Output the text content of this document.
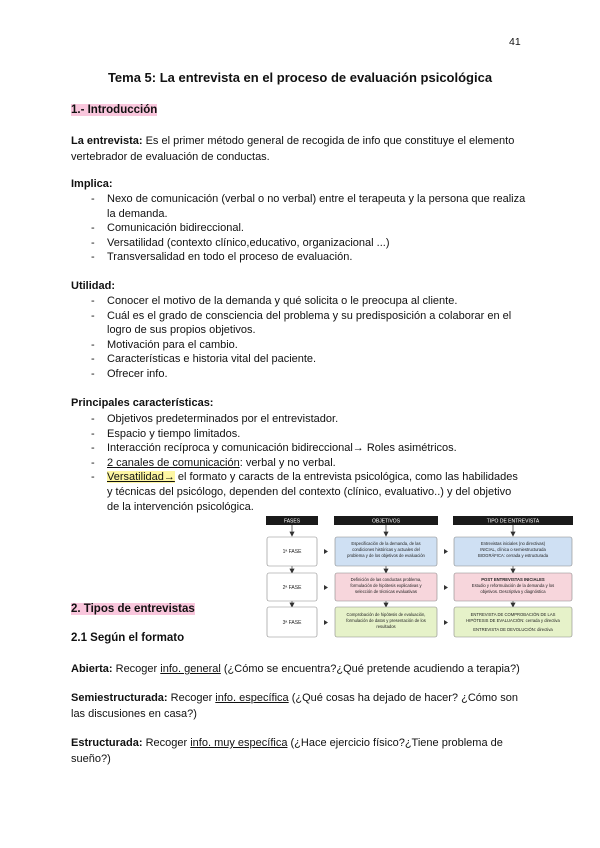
41
Tema 5: La entrevista en el proceso de evaluación psicológica
1.- Introducción
La entrevista: Es el primer método general de recogida de info que constituye el elemento
vertebrador de evaluación de conductas.
Implica:
- Nexo de comunicación (verbal o no verbal) entre el terapeuta y la persona que realiza la demanda.
- Comunicación bidireccional.
- Versatilidad (contexto clínico,educativo, organizacional ...)
- Transversalidad en todo el proceso de evaluación.
Utilidad:
- Conocer el motivo de la demanda y qué solicita o le preocupa al cliente.
- Cuál es el grado de consciencia del problema y su predisposición a colaborar en el logro de sus propios objetivos.
- Motivación para el cambio.
- Características e historia vital del paciente.
- Ofrecer info.
Principales características:
- Objetivos predeterminados por el entrevistador.
- Espacio y tiempo limitados.
- Interacción recíproca y comunicación bidireccional→ Roles asimétricos.
- 2 canales de comunicación: verbal y no verbal.
- Versatilidad→ el formato y caracts de la entrevista psicológica, como las habilidades y técnicas del psicólogo, dependen del contexto (clínico, evaluativo..) y del objetivo de la intervención psicológica.
FASES	OBJETIVOS	TIPO DE ENTREVISTA
1ª FASE
Especificación de la demanda, de las
condiciones históricas y actuales del
problema y de los objetivos de evaluación
Entrevistas iniciales (no directivas)
INICIAL, clínica o semiestructurada
BIOGRÁFICA: cerrada y estructurada
2ª FASE
Definición de las conductas problema,
formulación de hipótesis explicativas y
selección de técnicas evaluativas
POST ENTREVISTAS INICIALES
Estudio y reformulación de la demanda y los
objetivos. Descriptiva y diagnóstica
3ª FASE
Comprobación de hipótesis de evaluación,
formulación de datos y presentación de los
resultados
ENTREVISTA DE COMPROBACIÓN DE LAS
HIPÓTESIS DE EVALUACIÓN: cerrada y directiva
ENTREVISTA DE DEVOLUCIÓN: directiva
2. Tipos de entrevistas
2.1 Según el formato
Abierta: Recoger info. general (¿Cómo se encuentra?¿Qué pretende acudiendo a terapia?)
Semiestructurada: Recoger info. específica (¿Qué cosas ha dejado de hacer? ¿Cómo son las discusiones en casa?)
Estructurada: Recoger info. muy específica (¿Hace ejercicio físico?¿Tiene problema de sueño?)
